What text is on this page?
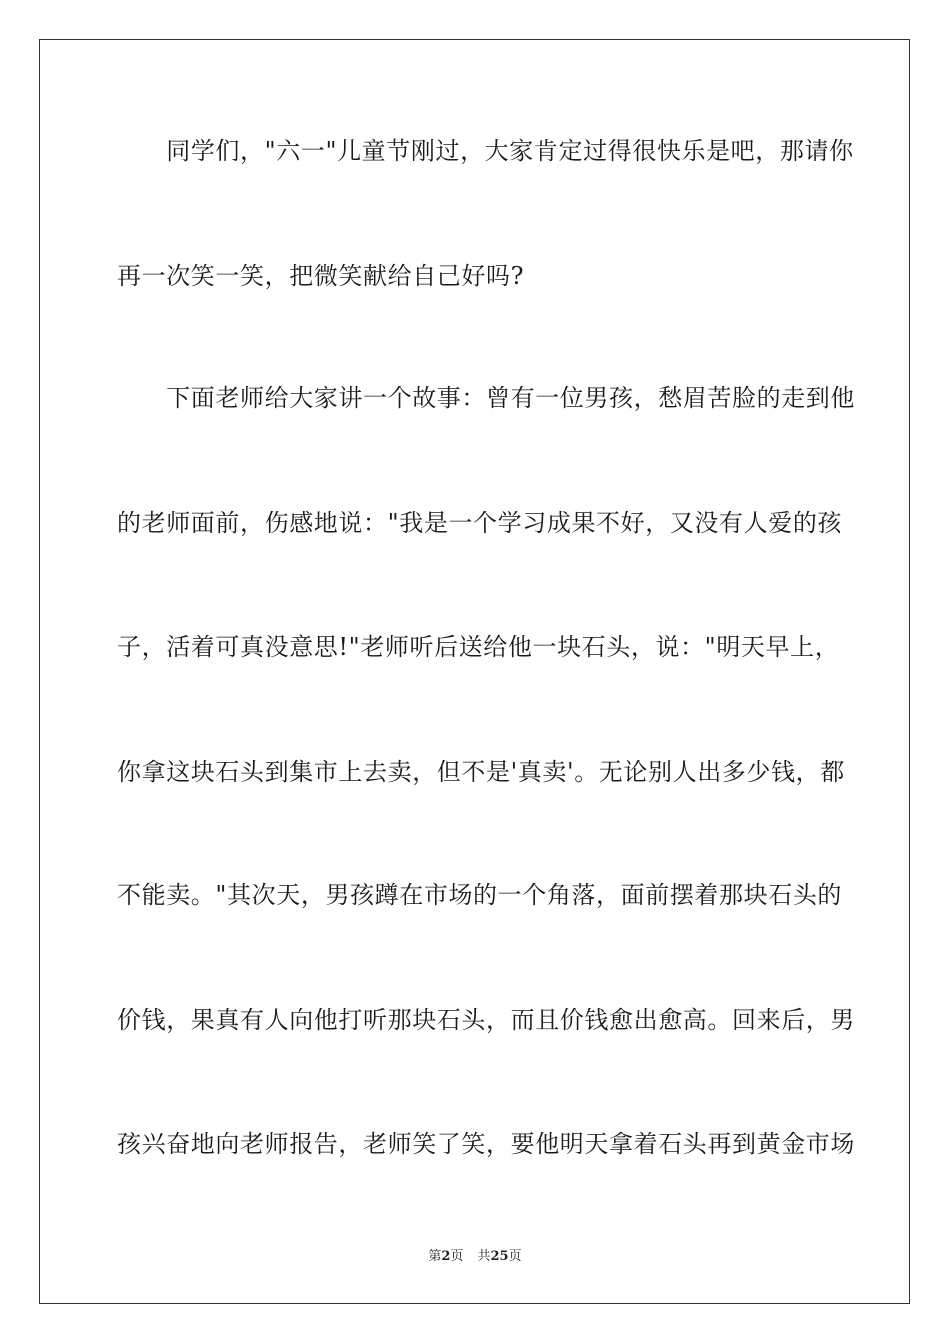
　　同学们，"六一"儿童节刚过，大家肯定过得很快乐是吧，那请你
再一次笑一笑，把微笑献给自己好吗?
　　下面老师给大家讲一个故事：曾有一位男孩，愁眉苦脸的走到他
的老师面前，伤感地说："我是一个学习成果不好，又没有人爱的孩
子，活着可真没意思!"老师听后送给他一块石头，说："明天早上，
你拿这块石头到集市上去卖，但不是'真卖'。无论别人出多少钱，都
不能卖。"其次天，男孩蹲在市场的一个角落，面前摆着那块石头的
价钱，果真有人向他打听那块石头，而且价钱愈出愈高。回来后，男
孩兴奋地向老师报告，老师笑了笑，要他明天拿着石头再到黄金市场
第2页 共25页
